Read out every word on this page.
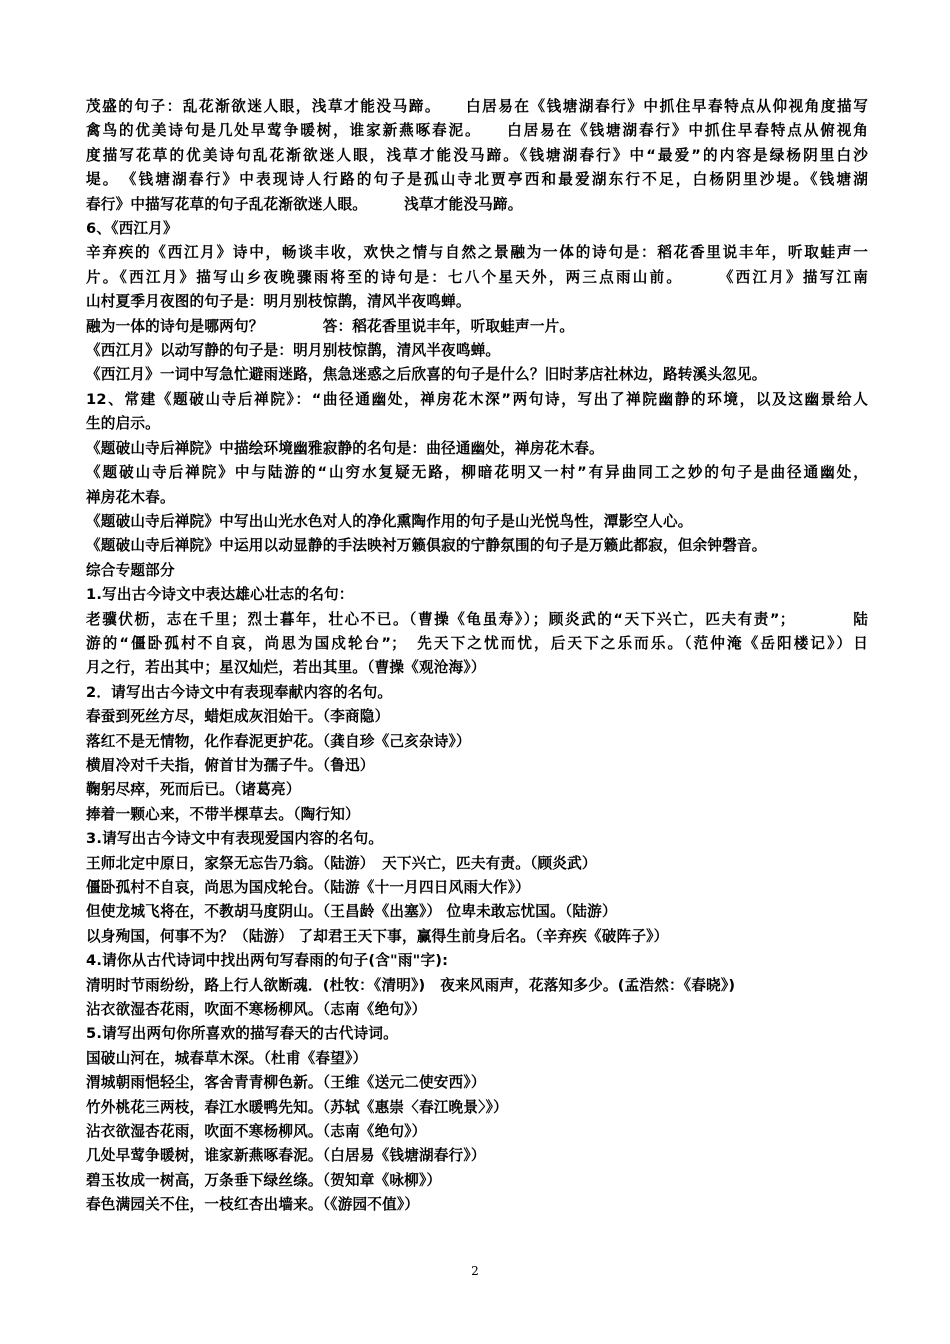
茂盛的句子：乱花渐欲迷人眼，浅草才能没马蹄。　　白居易在《钱塘湖春行》中抓住早春特点从仰视角度描写
禽鸟的优美诗句是几处早莺争暖树，谁家新燕啄春泥。　　白居易在《钱塘湖春行》中抓住早春特点从俯视角
度描写花草的优美诗句乱花渐欲迷人眼，浅草才能没马蹄。《钱塘湖春行》中“最爱”的内容是绿杨阴里白沙
堤。　《钱塘湖春行》中表现诗人行路的句子是孤山寺北贾亭西和最爱湖东行不足，白杨阴里沙堤。《钱塘湖
春行》中描写花草的句子乱花渐欲迷人眼。　　　浅草才能没马蹄。
6、《西江月》
辛弃疾的《西江月》诗中，畅谈丰收，欢快之情与自然之景融为一体的诗句是：稻花香里说丰年，听取蛙声一
片。《西江月》描写山乡夜晚骤雨将至的诗句是：七八个星天外，两三点雨山前。　　　《西江月》描写江南
山村夏季月夜图的句子是：明月别枝惊鹊，清风半夜鸣蝉。
融为一体的诗句是哪两句？　　　　答：稻花香里说丰年，听取蛙声一片。
《西江月》以动写静的句子是：明月别枝惊鹊，清风半夜鸣蝉。
《西江月》一词中写急忙避雨迷路，焦急迷惑之后欣喜的句子是什么？旧时茅店社林边，路转溪头忽见。
12、常建《题破山寺后禅院》：“曲径通幽处，禅房花木深”两句诗，写出了禅院幽静的环境，以及这幽景给人
生的启示。
《题破山寺后禅院》中描绘环境幽雅寂静的名句是：曲径通幽处，禅房花木春。
《题破山寺后禅院》中与陆游的“山穷水复疑无路，柳暗花明又一村”有异曲同工之妙的句子是曲径通幽处，
禅房花木春。
《题破山寺后禅院》中写出山光水色对人的净化熏陶作用的句子是山光悦鸟性，潭影空人心。
《题破山寺后禅院》中运用以动显静的手法映衬万籁俱寂的宁静氛围的句子是万籁此都寂，但余钟磬音。
综合专题部分
1.写出古今诗文中表达雄心壮志的名句：
老骥伏枥，志在千里；烈士暮年，壮心不已。（曹操《龟虽寿》）；顾炎武的“天下兴亡，匹夫有责”；　　　　陆
游的“僵卧孤村不自哀，尚思为国戍轮台”；　先天下之忧而忧，后天下之乐而乐。（范仲淹《岳阳楼记》）日
月之行，若出其中；星汉灿烂，若出其里。（曹操《观沧海》）
2．请写出古今诗文中有表现奉献内容的名句。
春蚕到死丝方尽，蜡炬成灰泪始干。（李商隐）
落红不是无情物，化作春泥更护花。（龚自珍《己亥杂诗》）
横眉冷对千夫指，俯首甘为孺子牛。（鲁迅）
鞠躬尽瘁，死而后已。（诸葛亮）
捧着一颗心来，不带半棵草去。（陶行知）
3.请写出古今诗文中有表现爱国内容的名句。
王师北定中原日，家祭无忘告乃翁。（陆游）　天下兴亡，匹夫有责。（顾炎武）
僵卧孤村不自哀，尚思为国戍轮台。（陆游《十一月四日风雨大作》）
但使龙城飞将在，不教胡马度阴山。（王昌龄《出塞》） 位卑未敢忘忧国。（陆游）
以身殉国，何事不为？（陆游） 了却君王天下事，赢得生前身后名。（辛弃疾《破阵子》）
4.请你从古代诗词中找出两句写春雨的句子(含"雨"字):
清明时节雨纷纷，路上行人欲断魂．(杜牧：《清明》)　夜来风雨声，花落知多少。(孟浩然：《春晓》)
沾衣欲湿杏花雨，吹面不寒杨柳风。（志南《绝句》）
5.请写出两句你所喜欢的描写春天的古代诗词。
国破山河在，城春草木深。（杜甫《春望》）
渭城朝雨悒轻尘，客舍青青柳色新。（王维《送元二使安西》）
竹外桃花三两枝，春江水暖鸭先知。（苏轼《惠崇〈春江晚景〉》）
沾衣欲湿杏花雨，吹面不寒杨柳风。（志南《绝句》）
几处早莺争暖树，谁家新燕啄春泥。（白居易《钱塘湖春行》）
碧玉妆成一树高，万条垂下绿丝绦。（贺知章《咏柳》）
春色满园关不住，一枝红杏出墙来。（《游园不值》）
2
